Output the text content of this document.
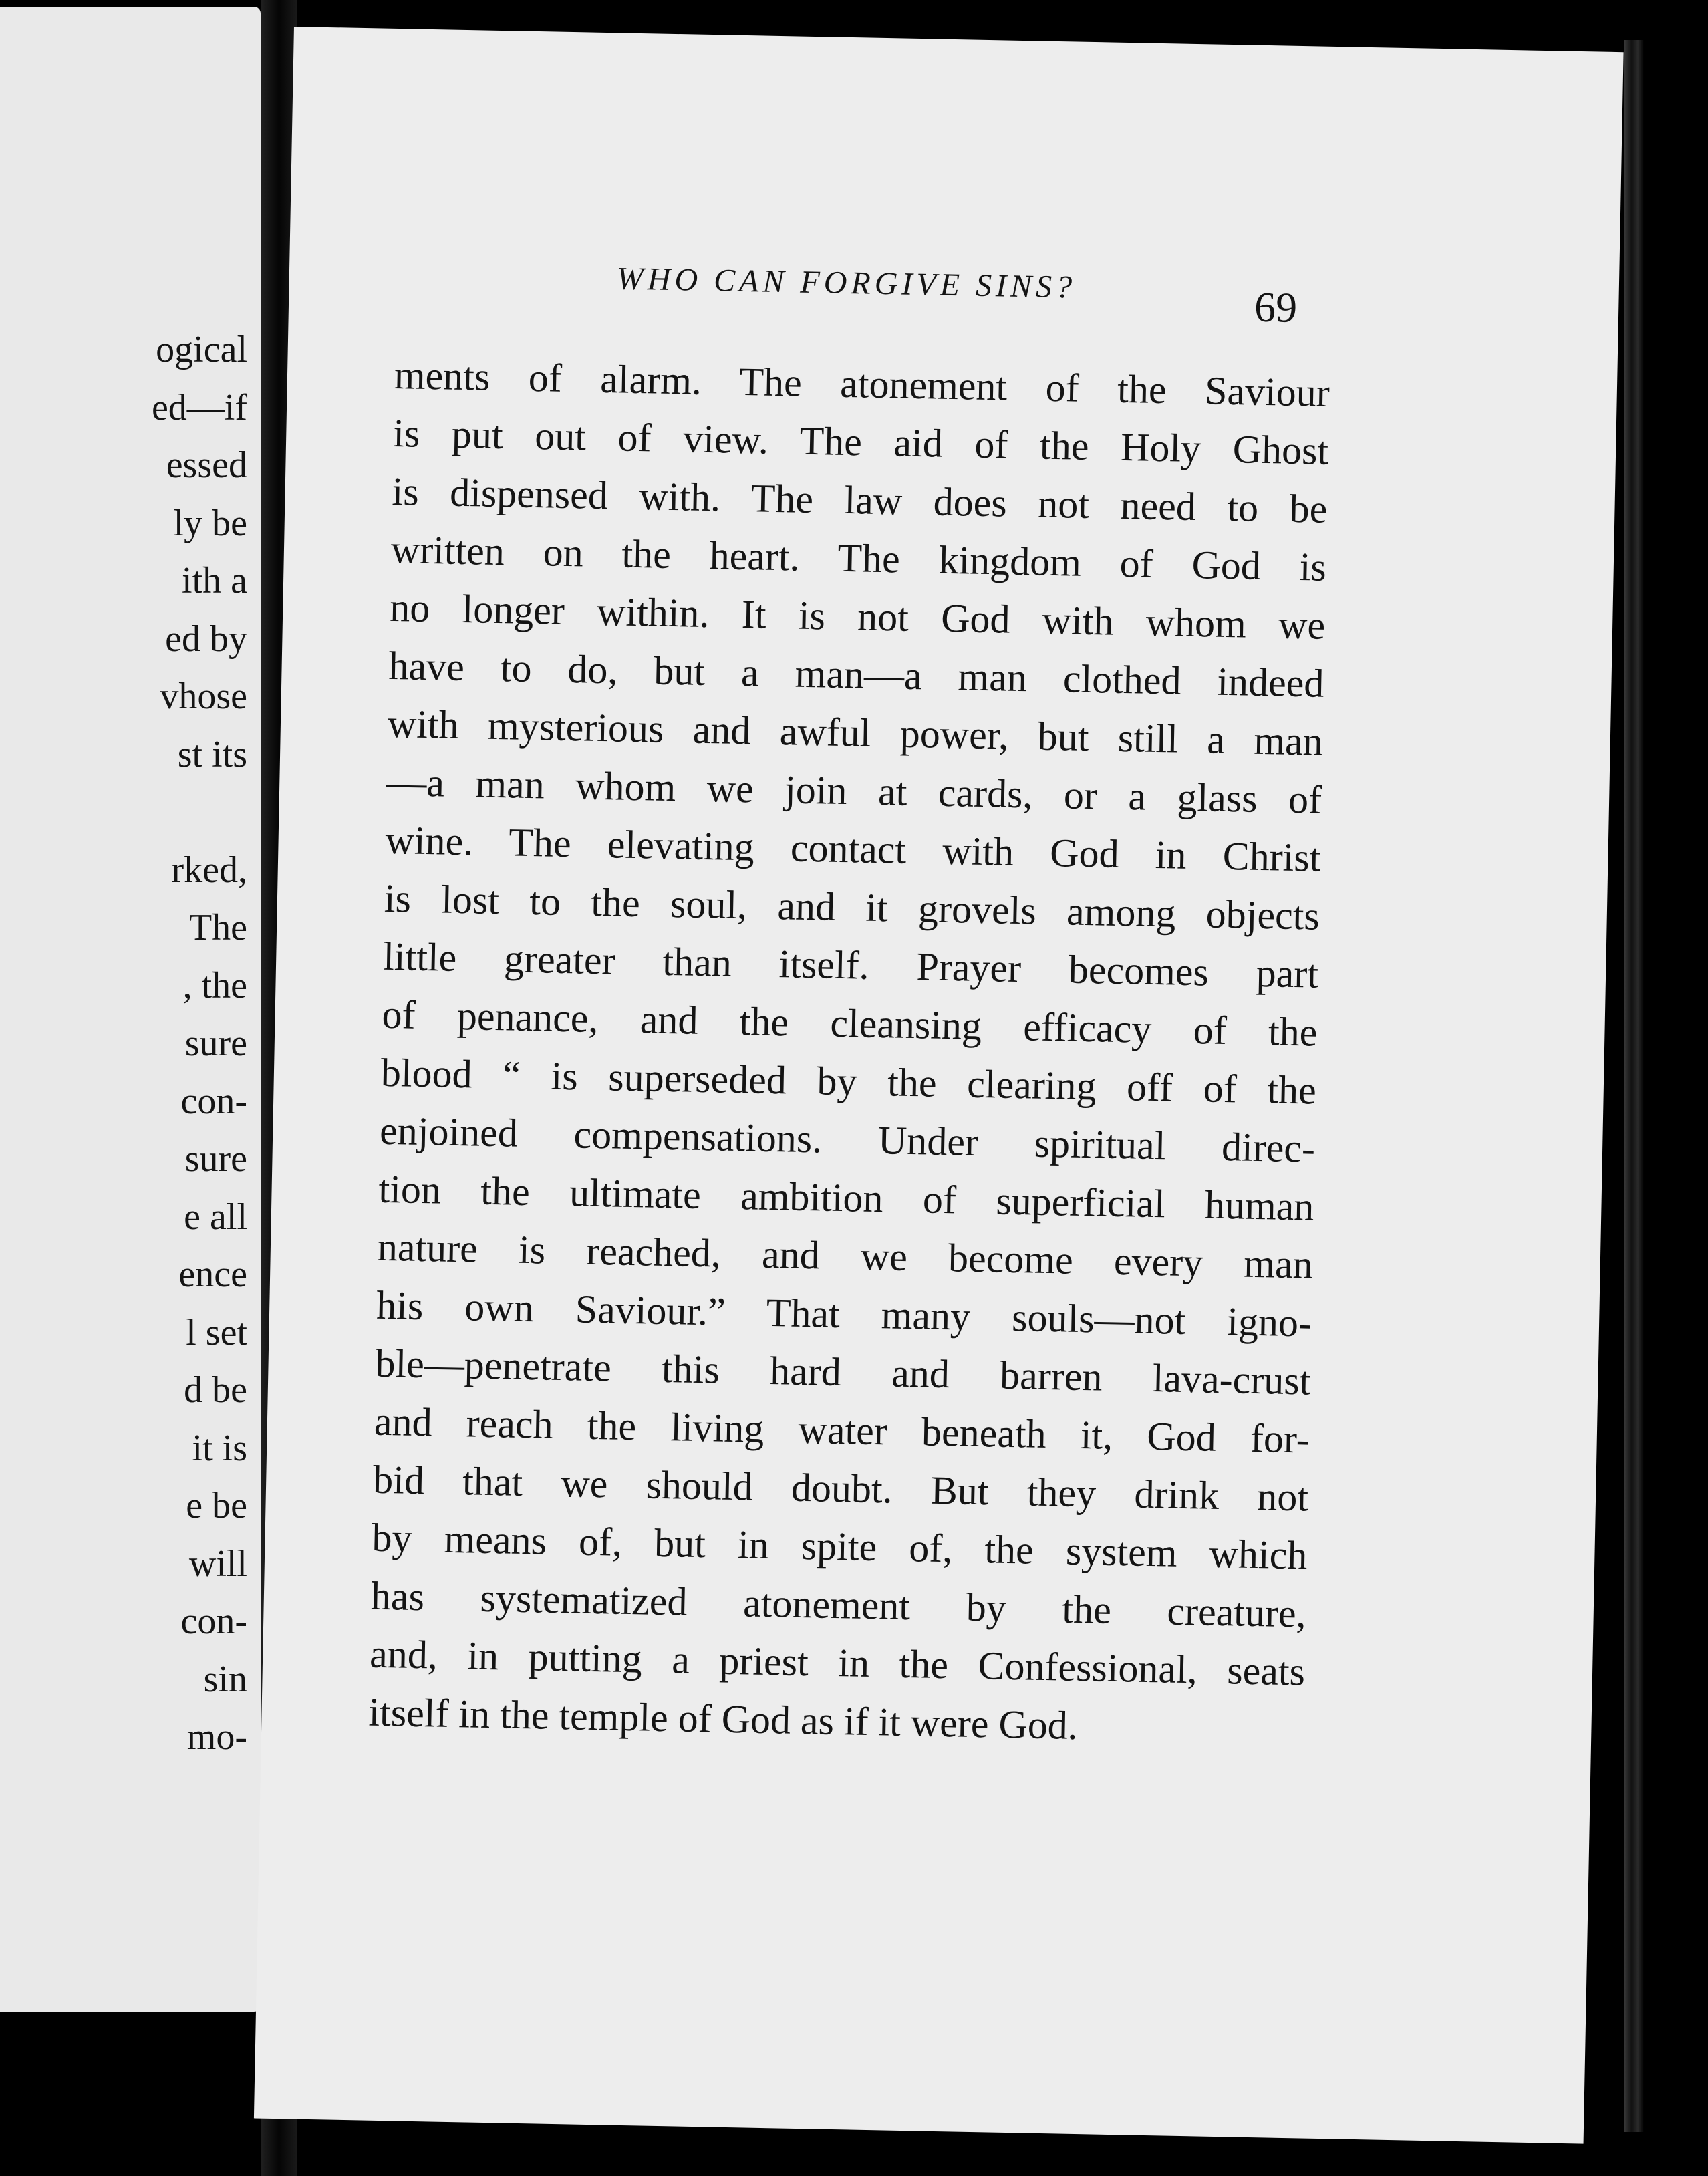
ogical
ed—if
essed
ly be
ith a
ed by
vhose
st its

rked,
The
, the
sure
con-
sure
e all
ence
l set
d be
it is
e be
will
con-
sin
mo-
WHO CAN FORGIVE SINS?
69
ments of alarm. The atonement of the Saviour
is put out of view. The aid of the Holy Ghost
is dispensed with. The law does not need to be
written on the heart. The kingdom of God is
no longer within. It is not God with whom we
have to do, but a man—a man clothed indeed
with mysterious and awful power, but still a man
—a man whom we join at cards, or a glass of
wine. The elevating contact with God in Christ
is lost to the soul, and it grovels among objects
little greater than itself. Prayer becomes part
of penance, and the cleansing efficacy of the
blood “ is superseded by the clearing off of the
enjoined compensations. Under spiritual direc-
tion the ultimate ambition of superficial human
nature is reached, and we become every man
his own Saviour.” That many souls—not igno-
ble—penetrate this hard and barren lava-crust
and reach the living water beneath it, God for-
bid that we should doubt. But they drink not
by means of, but in spite of, the system which
has systematized atonement by the creature,
and, in putting a priest in the Confessional, seats
itself in the temple of God as if it were God.
